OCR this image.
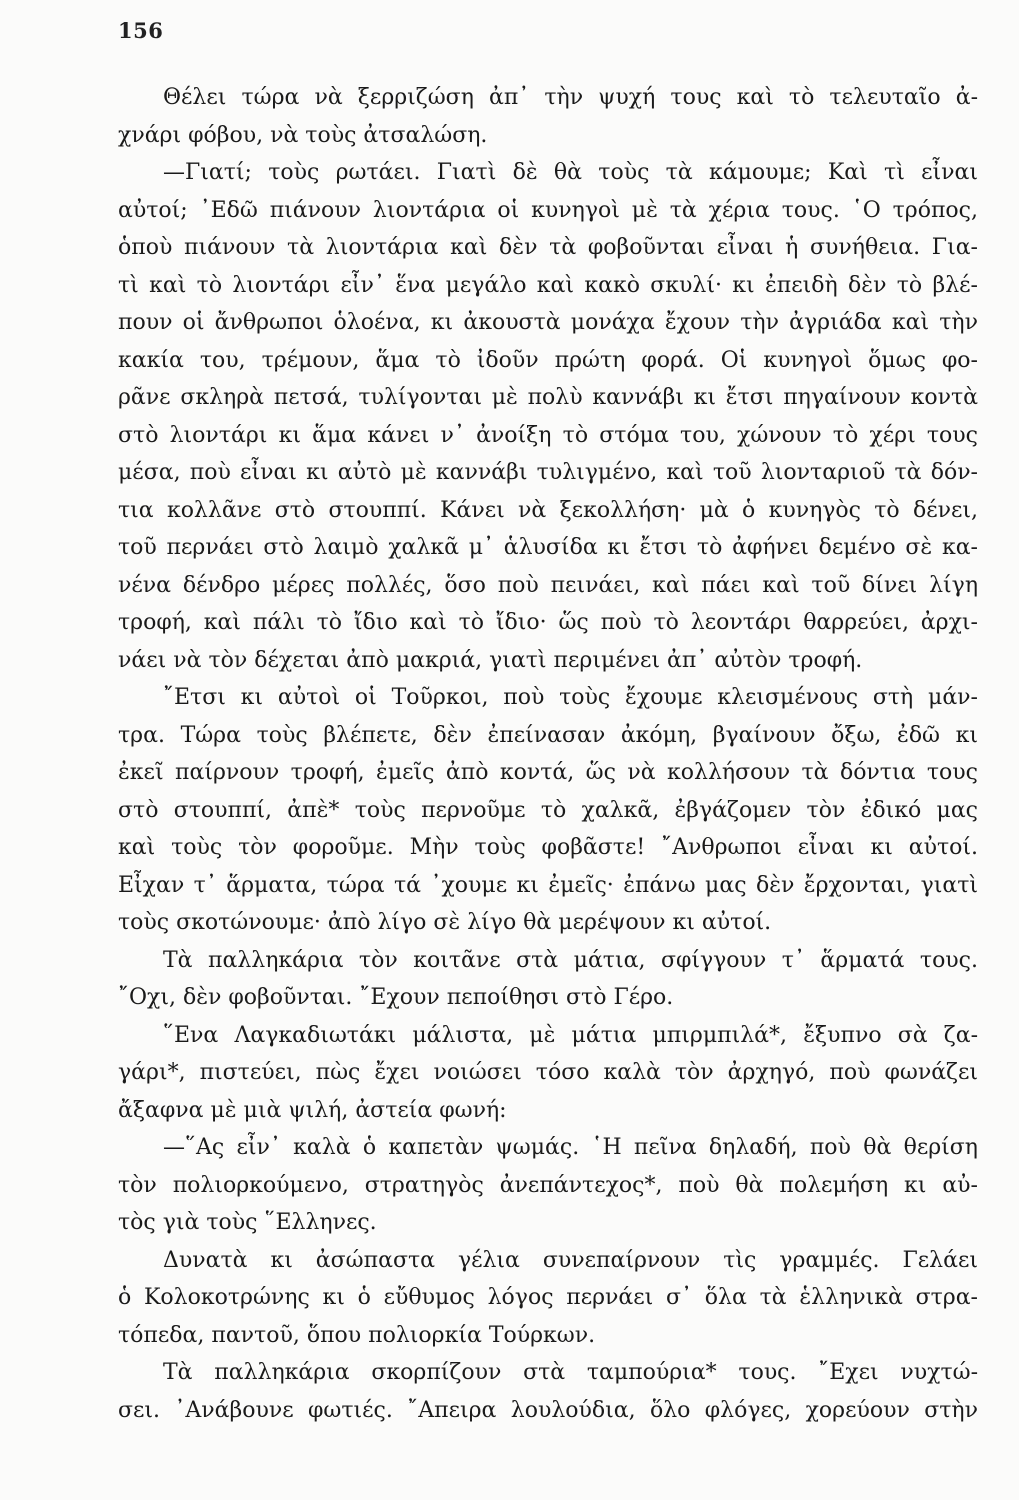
156
Θέλει τώρα νὰ ξερριζώση ἀπ᾽ τὴν ψυχή τους καὶ τὸ τελευταῖο ἀ-
χνάρι φόβου, νὰ τοὺς ἀτσαλώση.
—Γιατί; τοὺς ρωτάει. Γιατὶ δὲ θὰ τοὺς τὰ κάμουμε; Καὶ τὶ εἶναι
αὐτοί; ᾽Εδῶ πιάνουν λιοντάρια οἱ κυνηγοὶ μὲ τὰ χέρια τους. ῾Ο τρόπος,
ὁποὺ πιάνουν τὰ λιοντάρια καὶ δὲν τὰ φοβοῦνται εἶναι ἡ συνήθεια. Για-
τὶ καὶ τὸ λιοντάρι εἶν᾽ ἕνα μεγάλο καὶ κακὸ σκυλί· κι ἐπειδὴ δὲν τὸ βλέ-
πουν οἱ ἄνθρωποι ὁλοένα, κι ἀκουστὰ μονάχα ἔχουν τὴν ἀγριάδα καὶ τὴν
κακία του, τρέμουν, ἅμα τὸ ἰδοῦν πρώτη φορά. Οἱ κυνηγοὶ ὅμως φο-
ρᾶνε σκληρὰ πετσά, τυλίγονται μὲ πολὺ καννάβι κι ἔτσι πηγαίνουν κοντὰ
στὸ λιοντάρι κι ἅμα κάνει ν᾽ ἀνοίξη τὸ στόμα του, χώνουν τὸ χέρι τους
μέσα, ποὺ εἶναι κι αὐτὸ μὲ καννάβι τυλιγμένο, καὶ τοῦ λιονταριοῦ τὰ δόν-
τια κολλᾶνε στὸ στουππί. Κάνει νὰ ξεκολλήση· μὰ ὁ κυνηγὸς τὸ δένει,
τοῦ περνάει στὸ λαιμὸ χαλκᾶ μ᾽ ἁλυσίδα κι ἔτσι τὸ ἀφήνει δεμένο σὲ κα-
νένα δένδρο μέρες πολλές, ὅσο ποὺ πεινάει, καὶ πάει καὶ τοῦ δίνει λίγη
τροφή, καὶ πάλι τὸ ἴδιο καὶ τὸ ἴδιο· ὥς ποὺ τὸ λεοντάρι θαρρεύει, ἀρχι-
νάει νὰ τὸν δέχεται ἀπὸ μακριά, γιατὶ περιμένει ἀπ᾽ αὐτὸν τροφή.
῎Ετσι κι αὐτοὶ οἱ Τοῦρκοι, ποὺ τοὺς ἔχουμε κλεισμένους στὴ μάν-
τρα. Τώρα τοὺς βλέπετε, δὲν ἐπείνασαν ἀκόμη, βγαίνουν ὄξω, ἐδῶ κι
ἐκεῖ παίρνουν τροφή, ἐμεῖς ἀπὸ κοντά, ὥς νὰ κολλήσουν τὰ δόντια τους
στὸ στουππί, ἀπὲ* τοὺς περνοῦμε τὸ χαλκᾶ, ἐβγάζομεν τὸν ἐδικό μας
καὶ τοὺς τὸν φοροῦμε. Μὴν τοὺς φοβᾶστε! ῎Ανθρωποι εἶναι κι αὐτοί.
Εἶχαν τ᾽ ἅρματα, τώρα τά ᾽χουμε κι ἐμεῖς· ἐπάνω μας δὲν ἔρχονται, γιατὶ
τοὺς σκοτώνουμε· ἀπὸ λίγο σὲ λίγο θὰ μερέψουν κι αὐτοί.
Τὰ παλληκάρια τὸν κοιτᾶνε στὰ μάτια, σφίγγουν τ᾽ ἅρματά τους.
῎Οχι, δὲν φοβοῦνται. ῎Εχουν πεποίθησι στὸ Γέρο.
῞Ενα Λαγκαδιωτάκι μάλιστα, μὲ μάτια μπιρμπιλά*, ἔξυπνο σὰ ζα-
γάρι*, πιστεύει, πὼς ἔχει νοιώσει τόσο καλὰ τὸν ἀρχηγό, ποὺ φωνάζει
ἄξαφνα μὲ μιὰ ψιλή, ἀστεία φωνή:
—῞Ας εἶν᾽ καλὰ ὁ καπετὰν ψωμάς. ῾Η πεῖνα δηλαδή, ποὺ θὰ θερίση
τὸν πολιορκούμενο, στρατηγὸς ἀνεπάντεχος*, ποὺ θὰ πολεμήση κι αὐ-
τὸς γιὰ τοὺς ῞Ελληνες.
Δυνατὰ κι ἀσώπαστα γέλια συνεπαίρνουν τὶς γραμμές. Γελάει
ὁ Κολοκοτρώνης κι ὁ εὔθυμος λόγος περνάει σ᾽ ὅλα τὰ ἑλληνικὰ στρα-
τόπεδα, παντοῦ, ὅπου πολιορκία Τούρκων.
Τὰ παλληκάρια σκορπίζουν στὰ ταμπούρια* τους. ῎Εχει νυχτώ-
σει. ᾽Ανάβουνε φωτιές. ῎Απειρα λουλούδια, ὅλο φλόγες, χορεύουν στὴν
